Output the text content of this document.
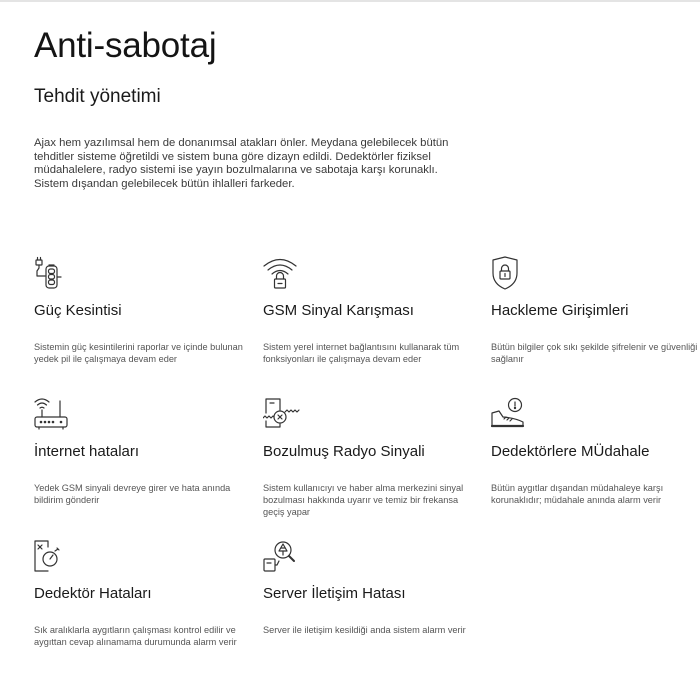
Anti-sabotaj
Tehdit yönetimi

Ajax hem yazılımsal hem de donanımsal atakları önler. Meydana gelebilecek bütün tehditler sisteme öğretildi ve sistem buna göre dizayn edildi. Dedektörler fiziksel müdahalelere, radyo sistemi ise yayın bozulmalarına ve sabotaja karşı korunaklı. Sistem dışandan gelebilecek bütün ihlalleri farkeder.

Güç Kesintisi
Sistemin güç kesintilerini raporlar ve içinde bulunan yedek pil ile çalışmaya devam eder
GSM Sinyal Karışması
Sistem yerel internet bağlantısını kullanarak tüm fonksiyonları ile çalışmaya devam eder
Hackleme Girişimleri
Bütün bilgiler çok sıkı şekilde şifrelenir ve güvenliği sağlanır
İnternet hataları
Yedek GSM sinyali devreye girer ve hata anında bildirim gönderir
Bozulmuş Radyo Sinyali
Sistem kullanıcıyı ve haber alma merkezini sinyal bozulması hakkında uyarır ve temiz bir frekansa geçiş yapar
Dedektörlere MÜdahale
Bütün aygıtlar dışandan müdahaleye karşı korunaklıdır; müdahale anında alarm verir
Dedektör Hataları
Sık aralıklarla aygıtların çalışması kontrol edilir ve aygıttan cevap alınamama durumunda alarm verir
Server İletişim Hatası
Server ile iletişim kesildiği anda sistem alarm verir
